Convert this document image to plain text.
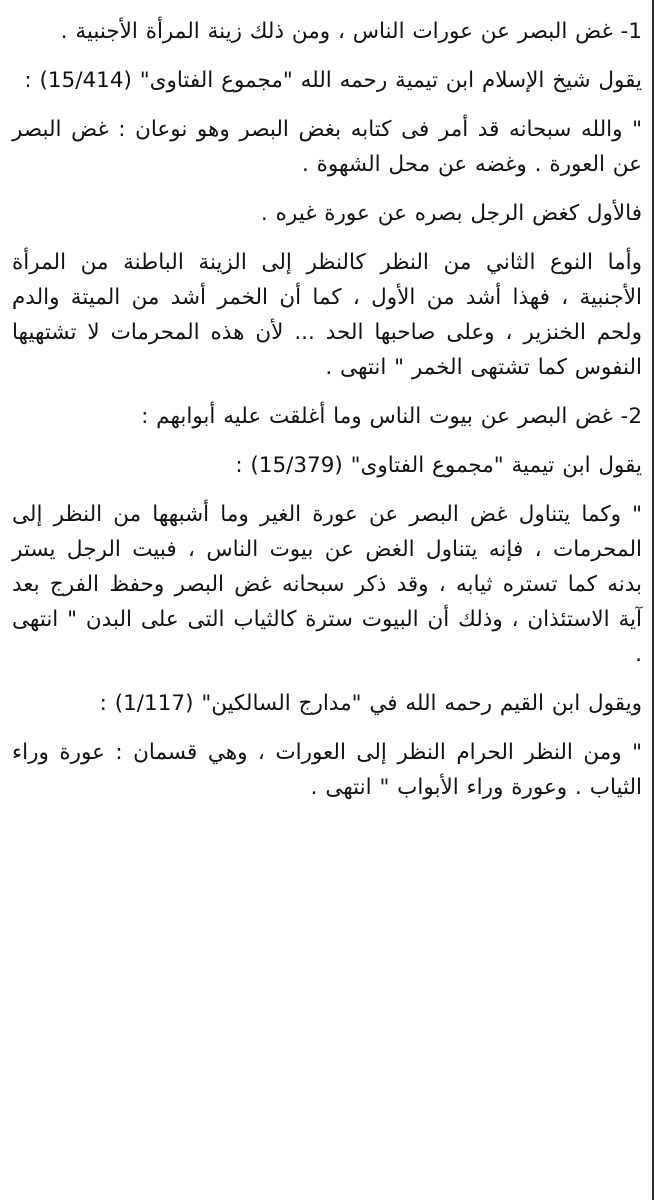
1- غض البصر عن عورات الناس ، ومن ذلك زينة المرأة الأجنبية .

يقول شيخ الإسلام ابن تيمية رحمه الله "مجموع الفتاوى" (15/414) :

" والله سبحانه قد أمر فى كتابه بغض البصر وهو نوعان : غض البصر عن العورة . وغضه عن محل الشهوة .

فالأول كغض الرجل بصره عن عورة غيره .

وأما النوع الثاني من النظر كالنظر إلى الزينة الباطنة من المرأة الأجنبية ، فهذا أشد من الأول ، كما أن الخمر أشد من الميتة والدم ولحم الخنزير ، وعلى صاحبها الحد ... لأن هذه المحرمات لا تشتهيها النفوس كما تشتهى الخمر " انتهى .

2- غض البصر عن بيوت الناس وما أغلقت عليه أبوابهم :

يقول ابن تيمية "مجموع الفتاوى" (15/379) :

" وكما يتناول غض البصر عن عورة الغير وما أشبهها من النظر إلى المحرمات ، فإنه يتناول الغض عن بيوت الناس ، فبيت الرجل يستر بدنه كما تستره ثيابه ، وقد ذكر سبحانه غض البصر وحفظ الفرج بعد آية الاستئذان ، وذلك أن البيوت سترة كالثياب التى على البدن " انتهى .

ويقول ابن القيم رحمه الله في "مدارج السالكين" (1/117) :

" ومن النظر الحرام النظر إلى العورات ، وهي قسمان : عورة وراء الثياب . وعورة وراء الأبواب " انتهى .
